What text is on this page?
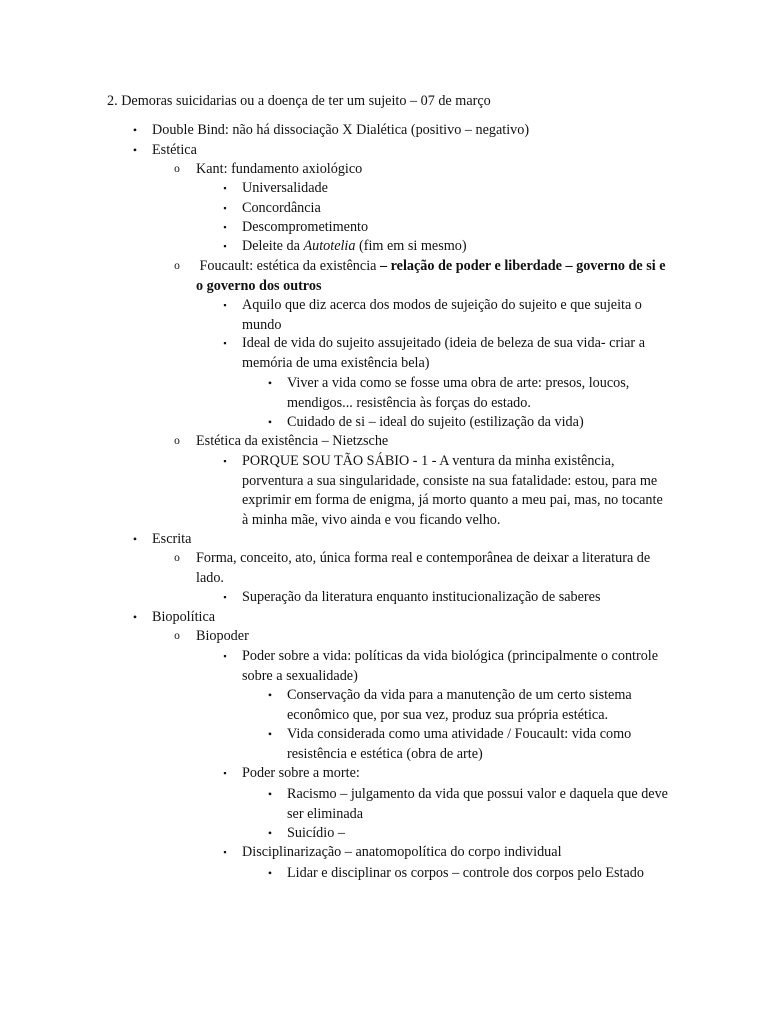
2. Demoras suicidarias ou a doença de ter um sujeito – 07 de março
•	Double Bind: não há dissociação X Dialética (positivo – negativo)
•	Estética
o Kant: fundamento axiológico
▪	Universalidade
▪	Concordância
▪	Descomprometimento
▪	Deleite da Autotelia (fim em si mesmo)
o Foucault: estética da existência – relação de poder e liberdade – governo de si e o governo dos outros
▪	Aquilo que diz acerca dos modos de sujeição do sujeito e que sujeita o mundo
▪	Ideal de vida do sujeito assujeitado (ideia de beleza de sua vida- criar a memória de uma existência bela)
•	Viver a vida como se fosse uma obra de arte: presos, loucos, mendigos... resistência às forças do estado.
•	Cuidado de si – ideal do sujeito (estilização da vida)
o Estética da existência – Nietzsche
▪	PORQUE SOU TÃO SÁBIO - 1 - A ventura da minha existência, porventura a sua singularidade, consiste na sua fatalidade: estou, para me exprimir em forma de enigma, já morto quanto a meu pai, mas, no tocante à minha mãe, vivo ainda e vou ficando velho.
•	Escrita
o Forma, conceito, ato, única forma real e contemporânea de deixar a literatura de lado.
▪	Superação da literatura enquanto institucionalização de saberes
•	Biopolítica
o Biopoder
▪	Poder sobre a vida: políticas da vida biológica (principalmente o controle sobre a sexualidade)
•	Conservação da vida para a manutenção de um certo sistema econômico que, por sua vez, produz sua própria estética.
•	Vida considerada como uma atividade / Foucault: vida como resistência e estética (obra de arte)
▪	Poder sobre a morte:
•	Racismo – julgamento da vida que possui valor e daquela que deve ser eliminada
•	Suicídio –
▪	Disciplinarização – anatomopolítica do corpo individual
•	Lidar e disciplinar os corpos – controle dos corpos pelo Estado
